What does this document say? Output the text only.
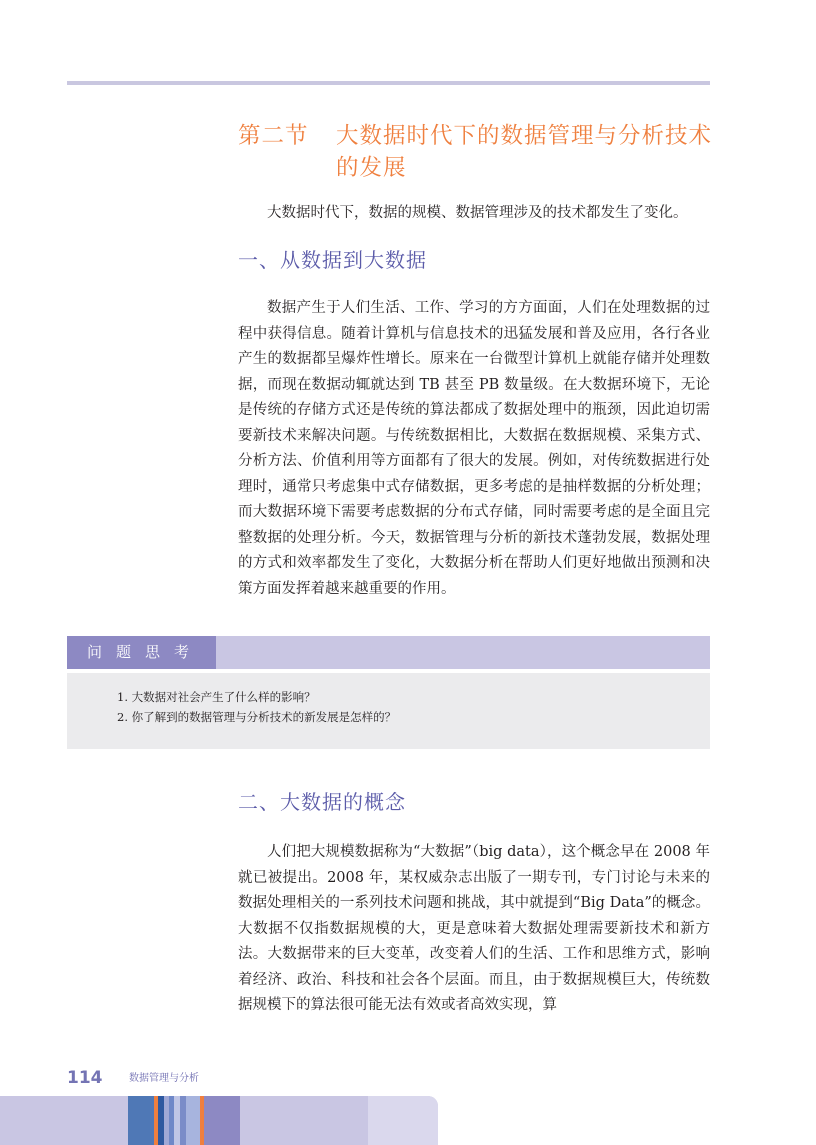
第二节 大数据时代下的数据管理与分析技术的发展

大数据时代下，数据的规模、数据管理涉及的技术都发生了变化。

一、从数据到大数据

数据产生于人们生活、工作、学习的方方面面，人们在处理数据的过程中获得信息。随着计算机与信息技术的迅猛发展和普及应用，各行各业产生的数据都呈爆炸性增长。原来在一台微型计算机上就能存储并处理数据，而现在数据动辄就达到 TB 甚至 PB 数量级。在大数据环境下，无论是传统的存储方式还是传统的算法都成了数据处理中的瓶颈，因此迫切需要新技术来解决问题。与传统数据相比，大数据在数据规模、采集方式、分析方法、价值利用等方面都有了很大的发展。例如，对传统数据进行处理时，通常只考虑集中式存储数据，更多考虑的是抽样数据的分析处理；而大数据环境下需要考虑数据的分布式存储，同时需要考虑的是全面且完整数据的处理分析。今天，数据管理与分析的新技术蓬勃发展，数据处理的方式和效率都发生了变化，大数据分析在帮助人们更好地做出预测和决策方面发挥着越来越重要的作用。

问题思考
1. 大数据对社会产生了什么样的影响？
2. 你了解到的数据管理与分析技术的新发展是怎样的？
二、大数据的概念

人们把大规模数据称为“大数据”（big data），这个概念早在 2008 年就已被提出。2008 年，某权威杂志出版了一期专刊，专门讨论与未来的数据处理相关的一系列技术问题和挑战，其中就提到“Big Data”的概念。大数据不仅指数据规模的大，更是意味着大数据处理需要新技术和新方法。大数据带来的巨大变革，改变着人们的生活、工作和思维方式，影响着经济、政治、科技和社会各个层面。而且，由于数据规模巨大，传统数据规模下的算法很可能无法有效或者高效实现，算

114	数据管理与分析
